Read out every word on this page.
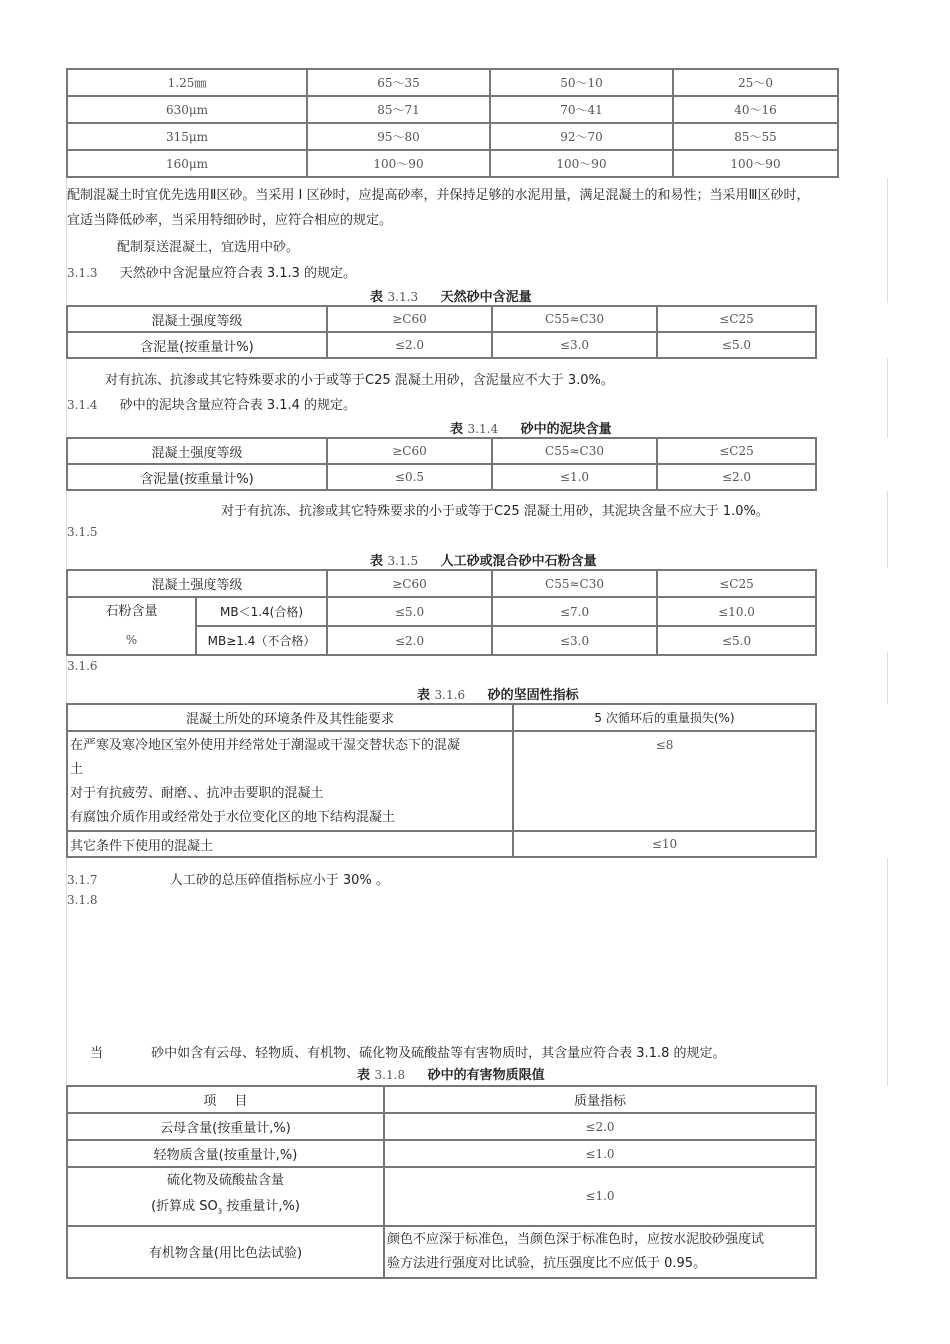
1.25㎜	65～35	50～10	25～0
630μm	85～71	70～41	40～16
315μm	95～80	92～70	85～55
160μm	100～90	100～90	100～90
配制混凝土时宜优先选用Ⅱ区砂。当采用 Ⅰ 区砂时，应提高砂率，并保持足够的水泥用量，满足混凝土的和易性；当采用Ⅲ区砂时，
宜适当降低砂率，当采用特细砂时，应符合相应的规定。
配制泵送混凝土，宜选用中砂。
3.1.3 天然砂中含泥量应符合表 3.1.3 的规定。
表 3.1.3 天然砂中含泥量
混凝土强度等级	≥C60	C55≈C30	≤C25
含泥量(按重量计%)	≤2.0	≤3.0	≤5.0
对有抗冻、抗渗或其它特殊要求的小于或等于C25 混凝土用砂，含泥量应不大于 3.0%。
3.1.4 砂中的泥块含量应符合表 3.1.4 的规定。
表 3.1.4 砂中的泥块含量
混凝土强度等级	≥C60	C55≈C30	≤C25
含泥量(按重量计%)	≤0.5	≤1.0	≤2.0
对于有抗冻、抗渗或其它特殊要求的小于或等于C25 混凝土用砂，其泥块含量不应大于 1.0%。
3.1.5
表 3.1.5 人工砂或混合砂中石粉含量
混凝土强度等级		≥C60	C55≈C30	≤C25

石粉含量
%	MB＜1.4(合格)	≤5.0	≤7.0	≤10.0
	MB≥1.4（不合格）	≤2.0	≤3.0	≤5.0
3.1.6
表 3.1.6 砂的坚固性指标
混凝土所处的环境条件及其性能要求	5 次循环后的重量损失(%)

在严寒及寒冷地区室外使用并经常处于潮湿或干湿交替状态下的混凝
土
对于有抗疲劳、耐磨、、抗冲击要职的混凝土
有腐蚀介质作用或经常处于水位变化区的地下结构混凝土	≤8
其它条件下使用的混凝土	≤10
3.1.7	人工砂的总压碎值指标应小于 30% 。
3.1.8
当	砂中如含有云母、轻物质、有机物、硫化物及硫酸盐等有害物质时，其含量应符合表 3.1.8 的规定。
表 3.1.8 砂中的有害物质限值
项 目	质量指标
云母含量(按重量计,%)	≤2.0
轻物质含量(按重量计,%)	≤1.0

硫化物及硫酸盐含量
(折算成 $SO_3$ 按重量计,%)	≤1.0
有机物含量(用比色法试验)	颜色不应深于标准色，当颜色深于标准色时，应按水泥胶砂强度试
验方法进行强度对比试验，抗压强度比不应低于 0.95。
